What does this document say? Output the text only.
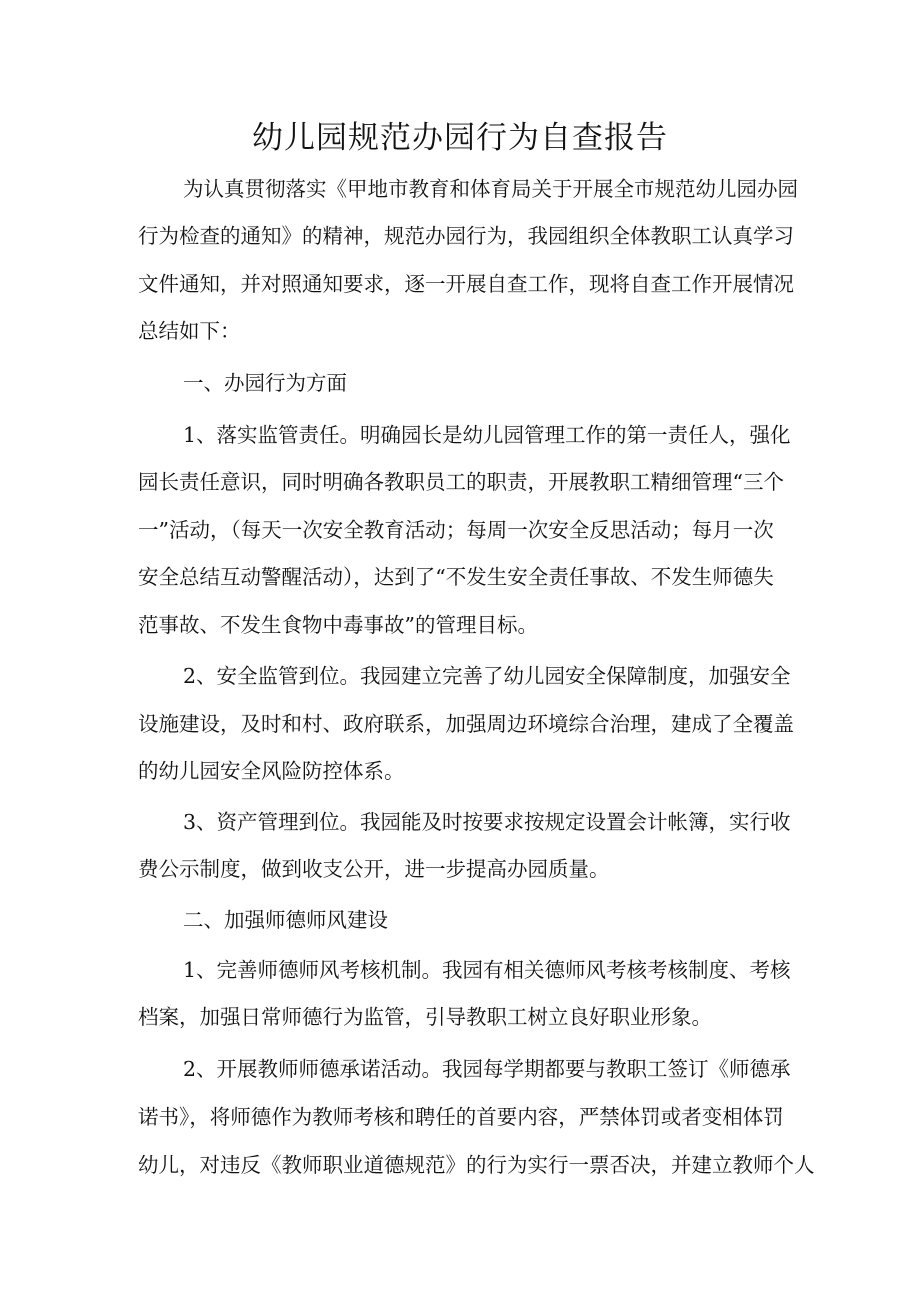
幼儿园规范办园行为自查报告
为认真贯彻落实《甲地市教育和体育局关于开展全市规范幼儿园办园
行为检查的通知》的精神，规范办园行为，我园组织全体教职工认真学习
文件通知，并对照通知要求，逐一开展自查工作，现将自查工作开展情况
总结如下：
一、办园行为方面
1、落实监管责任。明确园长是幼儿园管理工作的第一责任人，强化
园长责任意识，同时明确各教职员工的职责，开展教职工精细管理“三个
一”活动，（每天一次安全教育活动；每周一次安全反思活动；每月一次
安全总结互动警醒活动），达到了“不发生安全责任事故、不发生师德失
范事故、不发生食物中毒事故”的管理目标。
2、安全监管到位。我园建立完善了幼儿园安全保障制度，加强安全
设施建设，及时和村、政府联系，加强周边环境综合治理，建成了全覆盖
的幼儿园安全风险防控体系。
3、资产管理到位。我园能及时按要求按规定设置会计帐簿，实行收
费公示制度，做到收支公开，进一步提高办园质量。
二、加强师德师风建设
1、完善师德师风考核机制。我园有相关德师风考核考核制度、考核
档案，加强日常师德行为监管，引导教职工树立良好职业形象。
2、开展教师师德承诺活动。我园每学期都要与教职工签订《师德承
诺书》，将师德作为教师考核和聘任的首要内容，严禁体罚或者变相体罚
幼儿，对违反《教师职业道德规范》的行为实行一票否决，并建立教师个人
